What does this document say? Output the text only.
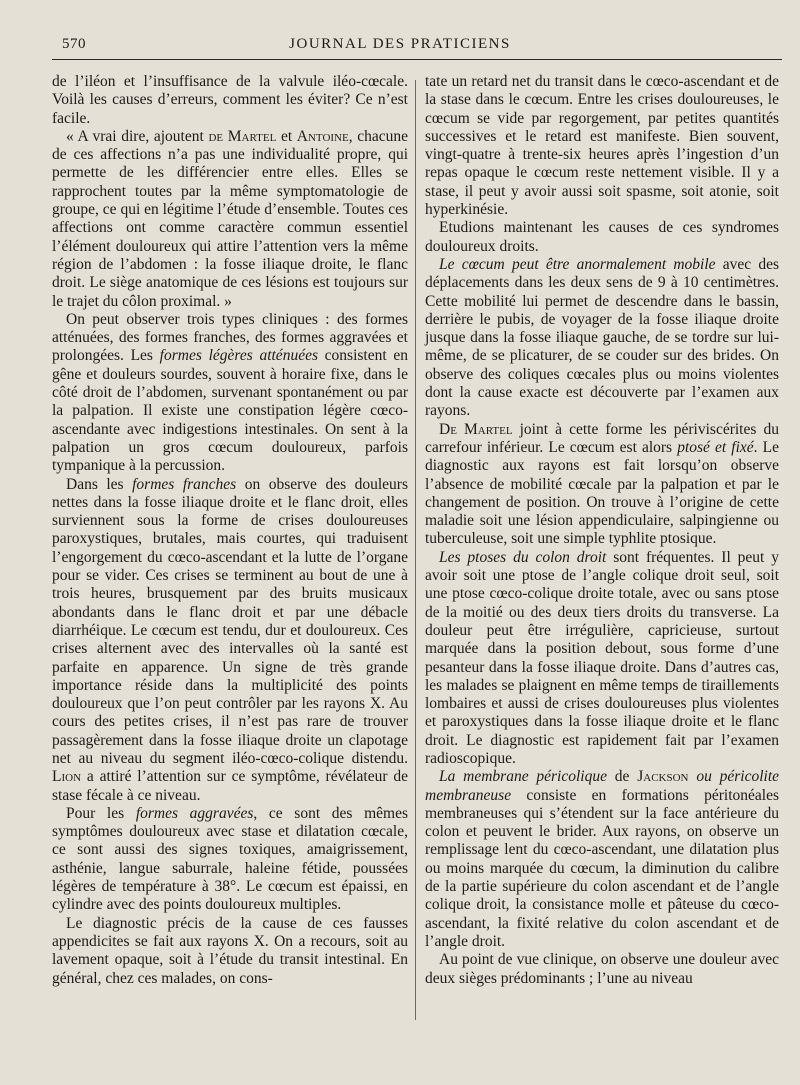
570	JOURNAL DES PRATICIENS

de l’iléon et l’insuffisance de la valvule iléo-cœcale. Voilà les causes d’erreurs, comment les éviter? Ce n’est facile.

« A vrai dire, ajoutent de Martel et Antoine, chacune de ces affections n’a pas une individualité propre, qui permette de les différencier entre elles. Elles se rapprochent toutes par la même symptomatologie de groupe, ce qui en légitime l’étude d’ensemble. Toutes ces affections ont comme caractère commun essentiel l’élément douloureux qui attire l’attention vers la même région de l’abdomen : la fosse iliaque droite, le flanc droit. Le siège anatomique de ces lésions est toujours sur le trajet du côlon proximal. »

On peut observer trois types cliniques : des formes atténuées, des formes franches, des formes aggravées et prolongées. Les formes légères atténuées consistent en gêne et douleurs sourdes, souvent à horaire fixe, dans le côté droit de l’abdomen, survenant spontanément ou par la palpation. Il existe une constipation légère cœco-ascendante avec indigestions intestinales. On sent à la palpation un gros cœcum douloureux, parfois tympanique à la percussion.

Dans les formes franches on observe des douleurs nettes dans la fosse iliaque droite et le flanc droit, elles surviennent sous la forme de crises douloureuses paroxystiques, brutales, mais courtes, qui traduisent l’engorgement du cœco-ascendant et la lutte de l’organe pour se vider. Ces crises se terminent au bout de une à trois heures, brusquement par des bruits musicaux abondants dans le flanc droit et par une débacle diarrhéique. Le cœcum est tendu, dur et douloureux. Ces crises alternent avec des intervalles où la santé est parfaite en apparence. Un signe de très grande importance réside dans la multiplicité des points douloureux que l’on peut contrôler par les rayons X. Au cours des petites crises, il n’est pas rare de trouver passagèrement dans la fosse iliaque droite un clapotage net au niveau du segment iléo-cœco-colique distendu. Lion a attiré l’attention sur ce symptôme, révélateur de stase fécale à ce niveau.

Pour les formes aggravées, ce sont des mêmes symptômes douloureux avec stase et dilatation cœcale, ce sont aussi des signes toxiques, amaigrissement, asthénie, langue saburrale, haleine fétide, poussées légères de température à 38°. Le cœcum est épaissi, en cylindre avec des points douloureux multiples.

Le diagnostic précis de la cause de ces fausses appendicites se fait aux rayons X. On a recours, soit au lavement opaque, soit à l’étude du transit intestinal. En général, chez ces malades, on cons-

tate un retard net du transit dans le cœco-ascendant et de la stase dans le cœcum. Entre les crises douloureuses, le cœcum se vide par regorgement, par petites quantités successives et le retard est manifeste. Bien souvent, vingt-quatre à trente-six heures après l’ingestion d’un repas opaque le cœcum reste nettement visible. Il y a stase, il peut y avoir aussi soit spasme, soit atonie, soit hyperkinésie.

Etudions maintenant les causes de ces syndromes douloureux droits.

Le cœcum peut être anormalement mobile avec des déplacements dans les deux sens de 9 à 10 centimètres. Cette mobilité lui permet de descendre dans le bassin, derrière le pubis, de voyager de la fosse iliaque droite jusque dans la fosse iliaque gauche, de se tordre sur lui-même, de se plicaturer, de se couder sur des brides. On observe des coliques cœcales plus ou moins violentes dont la cause exacte est découverte par l’examen aux rayons.

De Martel joint à cette forme les périviscérites du carrefour inférieur. Le cœcum est alors ptosé et fixé. Le diagnostic aux rayons est fait lorsqu’on observe l’absence de mobilité cœcale par la palpation et par le changement de position. On trouve à l’origine de cette maladie soit une lésion appendiculaire, salpingienne ou tuberculeuse, soit une simple typhlite ptosique.

Les ptoses du colon droit sont fréquentes. Il peut y avoir soit une ptose de l’angle colique droit seul, soit une ptose cœco-colique droite totale, avec ou sans ptose de la moitié ou des deux tiers droits du transverse. La douleur peut être irrégulière, capricieuse, surtout marquée dans la position debout, sous forme d’une pesanteur dans la fosse iliaque droite. Dans d’autres cas, les malades se plaignent en même temps de tiraillements lombaires et aussi de crises douloureuses plus violentes et paroxystiques dans la fosse iliaque droite et le flanc droit. Le diagnostic est rapidement fait par l’examen radioscopique.

La membrane péricolique de Jackson ou péricolite membraneuse consiste en formations péritonéales membraneuses qui s’étendent sur la face antérieure du colon et peuvent le brider. Aux rayons, on observe un remplissage lent du cœco-ascendant, une dilatation plus ou moins marquée du cœcum, la diminution du calibre de la partie supérieure du colon ascendant et de l’angle colique droit, la consistance molle et pâteuse du cœco-ascendant, la fixité relative du colon ascendant et de l’angle droit.

Au point de vue clinique, on observe une douleur avec deux sièges prédominants ; l’une au niveau
